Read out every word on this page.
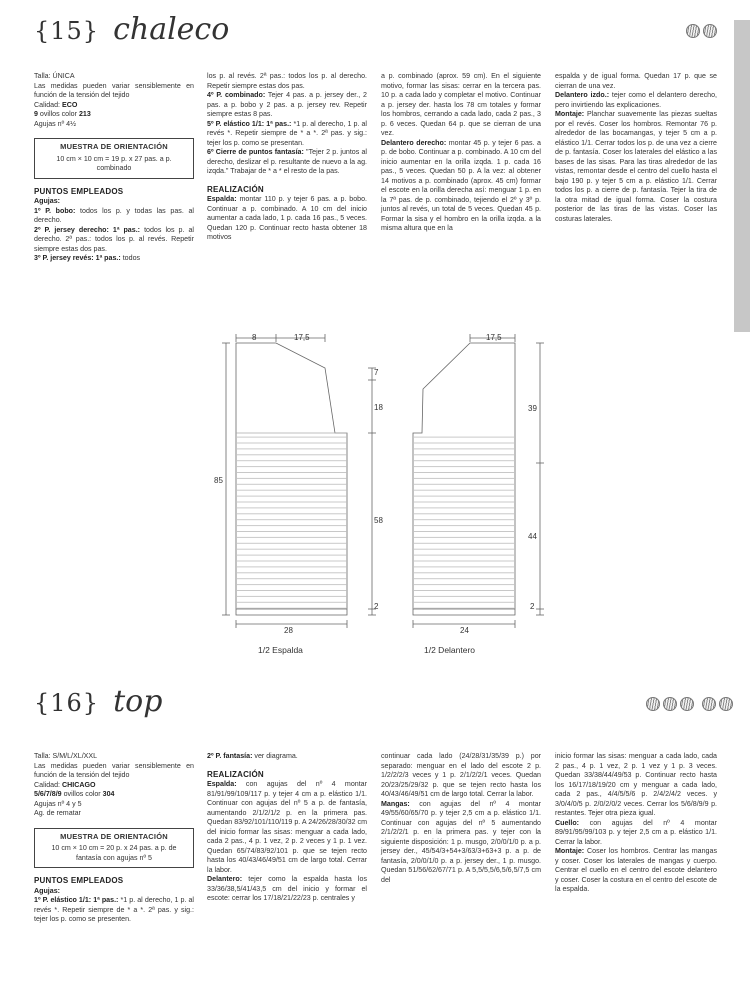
{15} chaleco

Talla: ÚNICA

Las medidas pueden variar sensiblemente en función de la tensión del tejido

Calidad: ECO

9 ovillos color 213

Agujas nº 4½

MUESTRA DE ORIENTACIÓN
10 cm × 10 cm = 19 p. x 27 pas. a p. combinado
PUNTOS EMPLEADOS

Agujas:

1º P. bobo: todos los p. y todas las pas. al derecho.

2º P. jersey derecho: 1ª pas.: todos los p. al derecho. 2ª pas.: todos los p. al revés. Repetir siempre estas dos pas.

3º P. jersey revés: 1ª pas.: todos

los p. al revés. 2ª pas.: todos los p. al derecho. Repetir siempre estas dos pas.

4º P. combinado: Tejer 4 pas. a p. jersey der., 2 pas. a p. bobo y 2 pas. a p. jersey rev. Repetir siempre estas 8 pas.

5º P. elástico 1/1: 1ª pas.: *1 p. al derecho, 1 p. al revés *. Repetir siempre de * a *. 2ª pas. y sig.: tejer los p. como se presentan.

6º Cierre de puntos fantasía: "Tejer 2 p. juntos al derecho, deslizar el p. resultante de nuevo a la ag. izqda." Trabajar de * a * el resto de la pas.

REALIZACIÓN

Espalda: montar 110 p. y tejer 6 pas. a p. bobo. Continuar a p. combinado. A 10 cm del inicio aumentar a cada lado, 1 p. cada 16 pas., 5 veces. Quedan 120 p. Continuar recto hasta obtener 18 motivos

a p. combinado (aprox. 59 cm). En el siguiente motivo, formar las sisas: cerrar en la tercera pas. 10 p. a cada lado y completar el motivo. Continuar a p. jersey der. hasta los 78 cm totales y formar los hombros, cerrando a cada lado, cada 2 pas., 3 p. 6 veces. Quedan 64 p. que se cierran de una vez.

Delantero derecho: montar 45 p. y tejer 6 pas. a p. de bobo. Continuar a p. combinado. A 10 cm del inicio aumentar en la orilla izqda. 1 p. cada 16 pas., 5 veces. Quedan 50 p. A la vez: al obtener 14 motivos a p. combinado (aprox. 45 cm) formar el escote en la orilla derecha así: menguar 1 p. en la 7ª pas. de p. combinado, tejiendo el 2º y 3º p. juntos al revés, un total de 5 veces. Quedan 45 p. Formar la sisa y el hombro en la orilla izqda. a la misma altura que en la

espalda y de igual forma. Quedan 17 p. que se cierran de una vez.

Delantero izdo.: tejer como el delantero derecho, pero invirtiendo las explicaciones.

Montaje: Planchar suavemente las piezas sueltas por el revés. Coser los hombros. Remontar 76 p. alrededor de las bocamangas, y tejer 5 cm a p. elástico 1/1. Cerrar todos los p. de una vez a cierre de p. fantasía. Coser los laterales del elástico a las bases de las sisas. Para las tiras alrededor de las vistas, remontar desde el centro del cuello hasta el bajo 190 p. y tejer 5 cm a p. elástico 1/1. Cerrar todos los p. a cierre de p. fantasía. Tejer la tira de la otra mitad de igual forma. Coser la costura posterior de las tiras de las vistas. Coser las costuras laterales.

8	17,5
85
7
18
58
2
28
17,5
39
44
2
24
1/2 Espalda	1/2 Delantero
{16} top

Talla: S/M/L/XL/XXL

Las medidas pueden variar sensiblemente en función de la tensión del tejido

Calidad: CHICAGO

5/6/7/8/9 ovillos color 304

Agujas nº 4 y 5

Ag. de rematar

MUESTRA DE ORIENTACIÓN
10 cm × 10 cm = 20 p. x 24 pas. a p. de fantasía con agujas nº 5
PUNTOS EMPLEADOS

Agujas:

1º P. elástico 1/1: 1ª pas.: *1 p. al derecho, 1 p. al revés *. Repetir siempre de * a *. 2ª pas. y sig.: tejer los p. como se presenten.

2º P. fantasía: ver diagrama.

REALIZACIÓN

Espalda: con agujas del nº 4 montar 81/91/99/109/117 p. y tejer 4 cm a p. elástico 1/1. Continuar con agujas del nº 5 a p. de fantasía, aumentando 2/1/2/1/2 p. en la primera pas. Quedan 83/92/101/110/119 p. A 24/26/28/30/32 cm del inicio formar las sisas: menguar a cada lado, cada 2 pas., 4 p. 1 vez, 2 p. 2 veces y 1 p. 1 vez. Quedan 65/74/83/92/101 p. que se tejen recto hasta los 40/43/46/49/51 cm de largo total. Cerrar la labor.

Delantero: tejer como la espalda hasta los 33/36/38,5/41/43,5 cm del inicio y formar el escote: cerrar los 17/18/21/22/23 p. centrales y

continuar cada lado (24/28/31/35/39 p.) por separado: menguar en el lado del escote 2 p. 1/2/2/2/3 veces y 1 p. 2/1/2/2/1 veces. Quedan 20/23/25/29/32 p. que se tejen recto hasta los 40/43/46/49/51 cm de largo total. Cerrar la labor.

Mangas: con agujas del nº 4 montar 49/55/60/65/70 p. y tejer 2,5 cm a p. elástico 1/1. Continuar con agujas del nº 5 aumentando 2/1/2/2/1 p. en la primera pas. y tejer con la siguiente disposición: 1 p. musgo, 2/0/0/1/0 p. a p. jersey der., 45/54/3+54+3/63/3+63+3 p. a p. de fantasía, 2/0/0/1/0 p. a p. jersey der., 1 p. musgo. Quedan 51/56/62/67/71 p. A 5,5/5,5/6,5/6,5/7,5 cm del

inicio formar las sisas: menguar a cada lado, cada 2 pas., 4 p. 1 vez, 2 p. 1 vez y 1 p. 3 veces. Quedan 33/38/44/49/53 p. Continuar recto hasta los 16/17/18/19/20 cm y menguar a cada lado, cada 2 pas., 4/4/5/5/6 p. 2/4/2/4/2 veces. y 3/0/4/0/5 p. 2/0/2/0/2 veces. Cerrar los 5/6/8/9/9 p. restantes. Tejer otra pieza igual.

Cuello: con agujas del nº 4 montar 89/91/95/99/103 p. y tejer 2,5 cm a p. elástico 1/1. Cerrar la labor.

Montaje: Coser los hombros. Centrar las mangas y coser. Coser los laterales de mangas y cuerpo. Centrar el cuello en el centro del escote delantero y coser. Coser la costura en el centro del escote de la espalda.
